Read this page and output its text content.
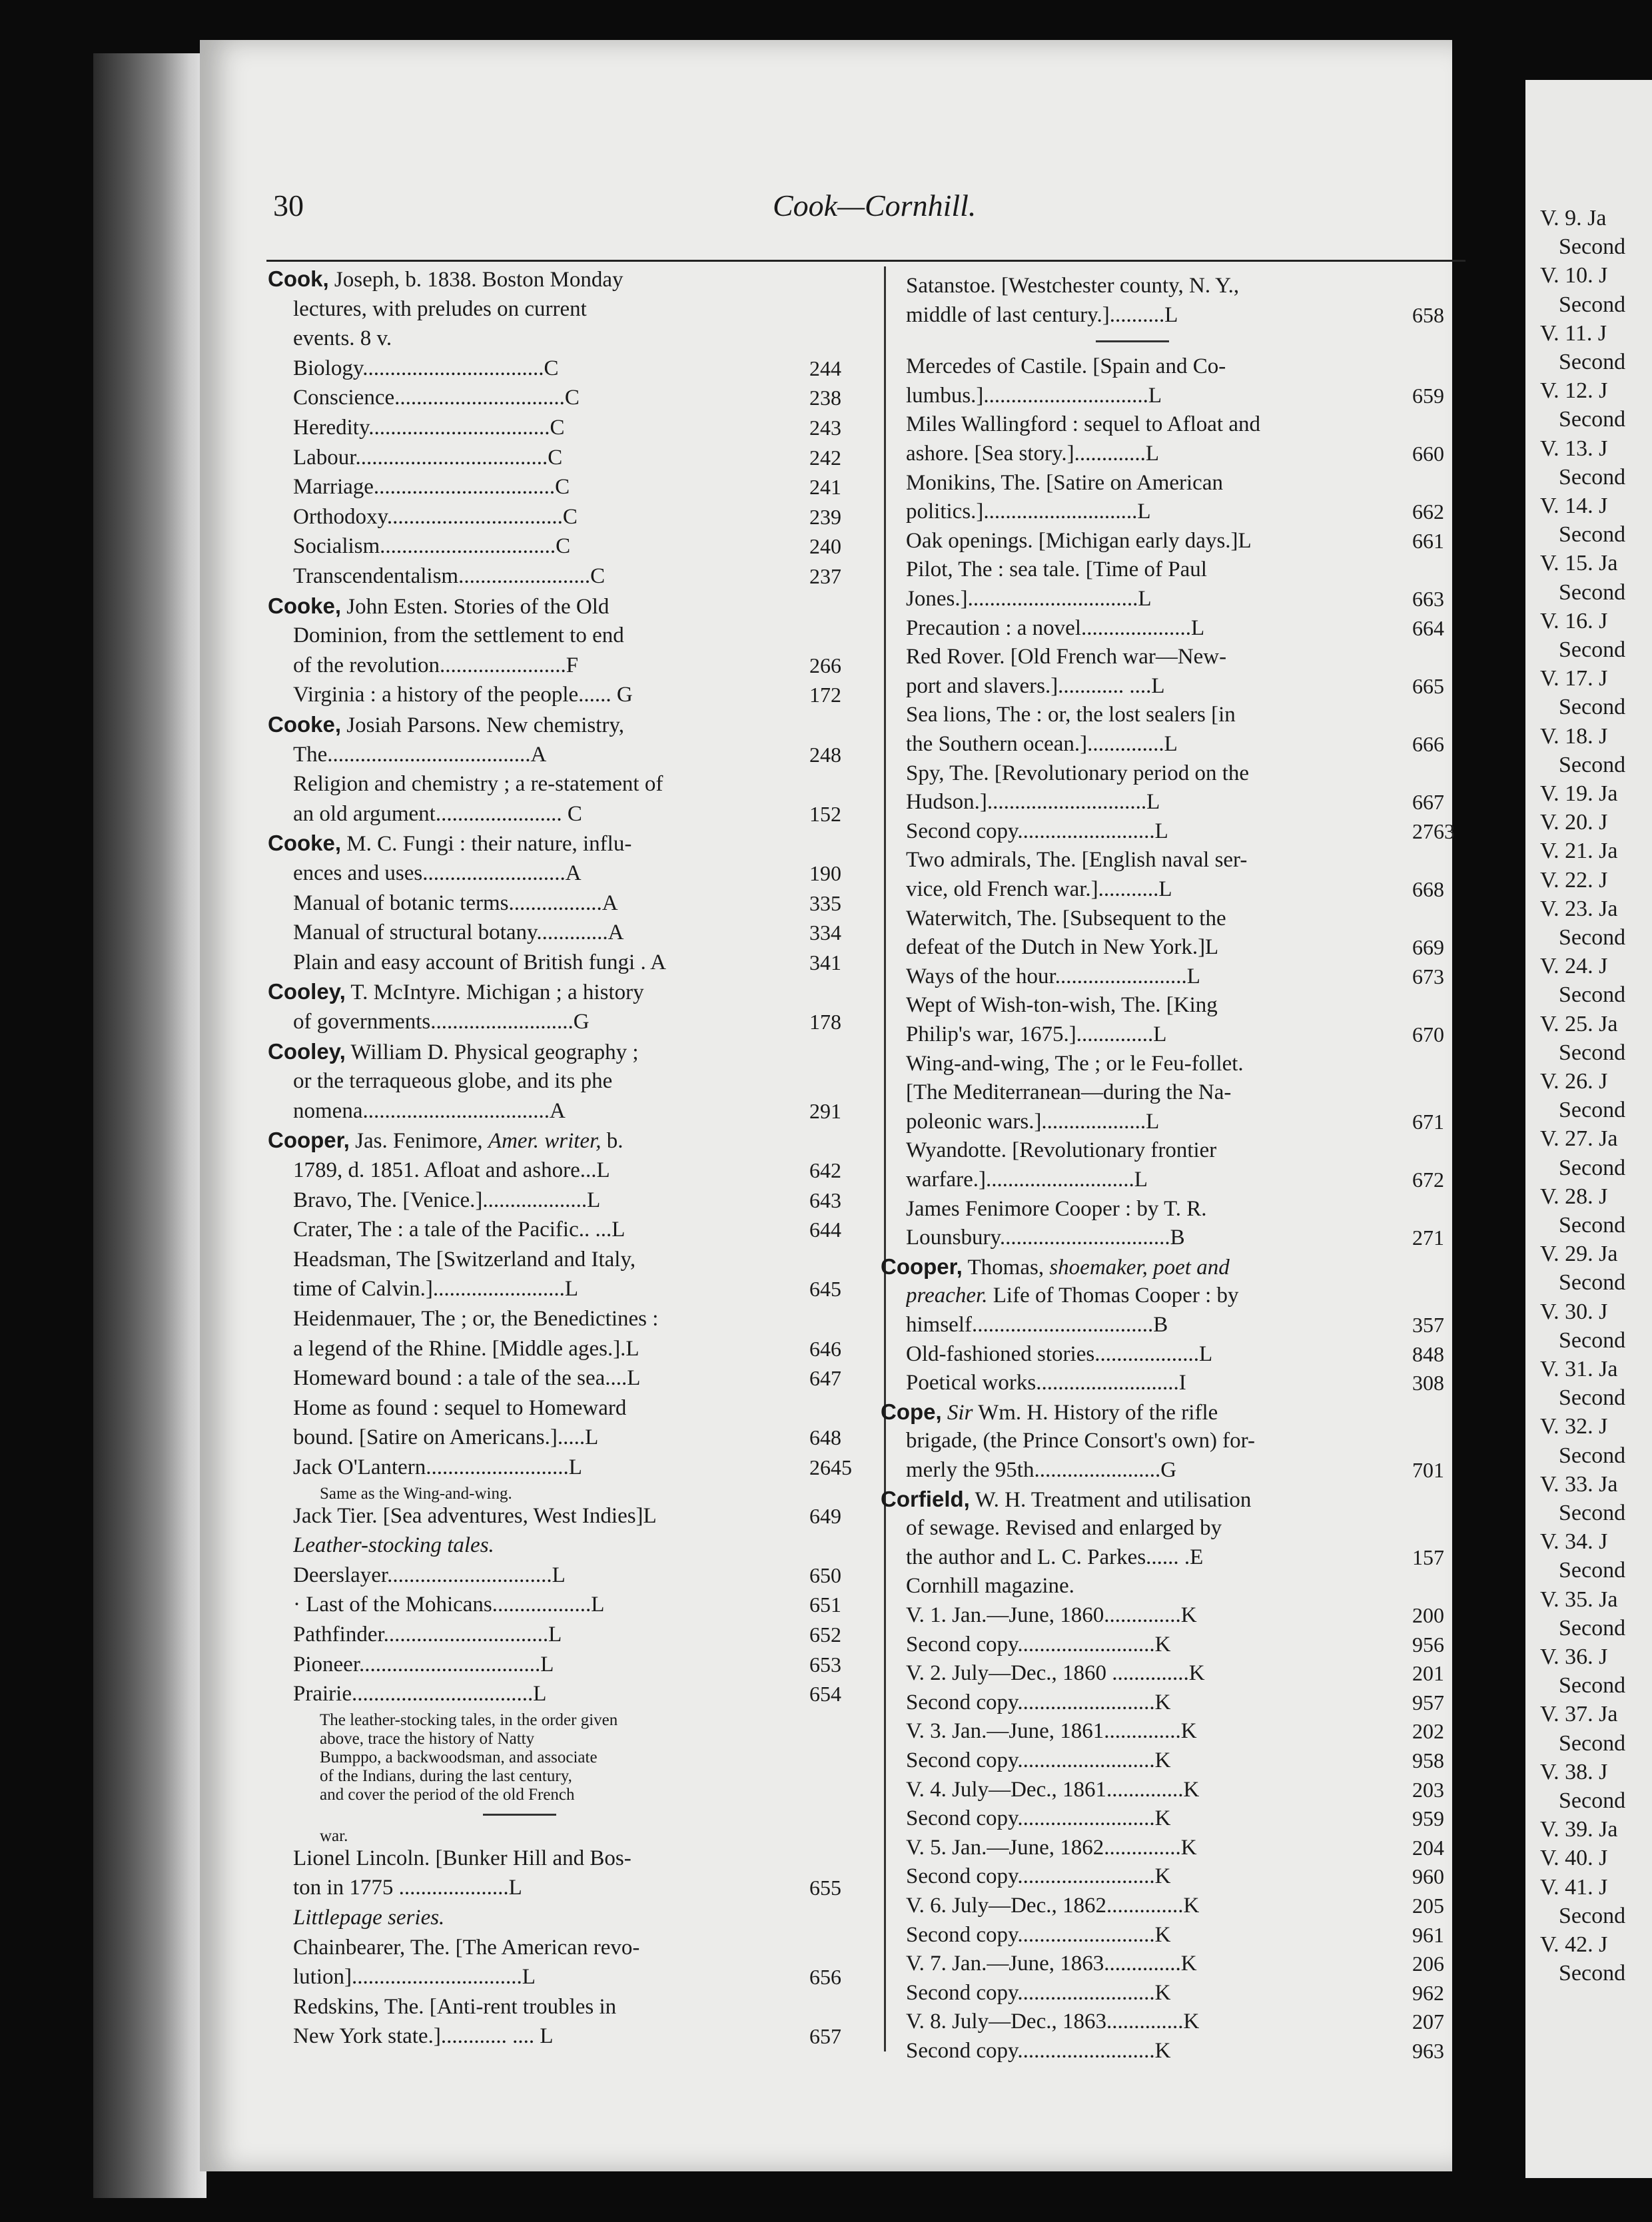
V. 9. Ja
Second
V. 10. J
Second
V. 11. J
Second
V. 12. J
Second
V. 13. J
Second
V. 14. J
Second
V. 15. Ja
Second
V. 16. J
Second
V. 17. J
Second
V. 18. J
Second
V. 19. Ja
V. 20. J
V. 21. Ja
V. 22. J
V. 23. Ja
Second
V. 24. J
Second
V. 25. Ja
Second
V. 26. J
Second
V. 27. Ja
Second
V. 28. J
Second
V. 29. Ja
Second
V. 30. J
Second
V. 31. Ja
Second
V. 32. J
Second
V. 33. Ja
Second
V. 34. J
Second
V. 35. Ja
Second
V. 36. J
Second
V. 37. Ja
Second
V. 38. J
Second
V. 39. Ja
V. 40. J
V. 41. J
Second
V. 42. J
Second
30	Cook—Cornhill.
Cook, Joseph, b. 1838. Boston Monday
lectures, with preludes on current
events. 8 v.
Biology.................................C	244
Conscience...............................C	238
Heredity.................................C	243
Labour...................................C	242
Marriage.................................C	241
Orthodoxy................................C	239
Socialism................................C	240
Transcendentalism........................C	237
Cooke, John Esten. Stories of the Old
Dominion, from the settlement to end
of the revolution.......................F	266
Virginia : a history of the people...... G	172
Cooke, Josiah Parsons. New chemistry,
The.....................................A	248
Religion and chemistry ; a re-statement of
an old argument....................... C	152
Cooke, M. C. Fungi : their nature, influ-
ences and uses..........................A	190
Manual of botanic terms.................A	335
Manual of structural botany.............A	334
Plain and easy account of British fungi . A	341
Cooley, T. McIntyre. Michigan ; a history
of governments..........................G	178
Cooley, William D. Physical geography ;
or the terraqueous globe, and its phe
nomena..................................A	291
Cooper, Jas. Fenimore, Amer. writer, b.
1789, d. 1851. Afloat and ashore...L	642
Bravo, The. [Venice.]...................L	643
Crater, The : a tale of the Pacific.. ...L	644
Headsman, The [Switzerland and Italy,
time of Calvin.]........................L	645
Heidenmauer, The ; or, the Benedictines :
a legend of the Rhine. [Middle ages.].L	646
Homeward bound : a tale of the sea....L	647
Home as found : sequel to Homeward
bound. [Satire on Americans.].....L	648
Jack O'Lantern..........................L	2645
Same as the Wing-and-wing.
Jack Tier. [Sea adventures, West Indies]L	649
Leather-stocking tales.
Deerslayer..............................L	650
· Last of the Mohicans..................L	651
Pathfinder..............................L	652
Pioneer.................................L	653
Prairie.................................L	654
The leather-stocking tales, in the order given
above, trace the history of Natty
Bumppo, a backwoodsman, and associate
of the Indians, during the last century,
and cover the period of the old French
war.
Lionel Lincoln. [Bunker Hill and Bos-
ton in 1775 ....................L	655
Littlepage series.
Chainbearer, The. [The American revo-
lution]...............................L	656
Redskins, The. [Anti-rent troubles in
New York state.]............ .... L	657
Satanstoe. [Westchester county, N. Y.,
middle of last century.]..........L	658
Mercedes of Castile. [Spain and Co-
lumbus.]..............................L	659
Miles Wallingford : sequel to Afloat and
ashore. [Sea story.].............L	660
Monikins, The. [Satire on American
politics.]............................L	662
Oak openings. [Michigan early days.]L	661
Pilot, The : sea tale. [Time of Paul
Jones.]...............................L	663
Precaution : a novel....................L	664
Red Rover. [Old French war—New-
port and slavers.]............ ....L	665
Sea lions, The : or, the lost sealers [in
the Southern ocean.]..............L	666
Spy, The. [Revolutionary period on the
Hudson.].............................L	667
Second copy.........................L	2763
Two admirals, The. [English naval ser-
vice, old French war.]...........L	668
Waterwitch, The. [Subsequent to the
defeat of the Dutch in New York.]L	669
Ways of the hour........................L	673
Wept of Wish-ton-wish, The. [King
Philip's war, 1675.]..............L	670
Wing-and-wing, The ; or le Feu-follet.
[The Mediterranean—during the Na-
poleonic wars.]...................L	671
Wyandotte. [Revolutionary frontier
warfare.]...........................L	672
James Fenimore Cooper : by T. R.
Lounsbury...............................B	271
Cooper, Thomas, shoemaker, poet and
preacher. Life of Thomas Cooper : by
himself.................................B	357
Old-fashioned stories...................L	848
Poetical works..........................I	308
Cope, Sir Wm. H. History of the rifle
brigade, (the Prince Consort's own) for-
merly the 95th.......................G	701
Corfield, W. H. Treatment and utilisation
of sewage. Revised and enlarged by
the author and L. C. Parkes...... .E	157
Cornhill magazine.
V. 1. Jan.—June, 1860..............K	200
Second copy.........................K	956
V. 2. July—Dec., 1860 ..............K	201
Second copy.........................K	957
V. 3. Jan.—June, 1861..............K	202
Second copy.........................K	958
V. 4. July—Dec., 1861..............K	203
Second copy.........................K	959
V. 5. Jan.—June, 1862..............K	204
Second copy.........................K	960
V. 6. July—Dec., 1862..............K	205
Second copy.........................K	961
V. 7. Jan.—June, 1863..............K	206
Second copy.........................K	962
V. 8. July—Dec., 1863..............K	207
Second copy.........................K	963
